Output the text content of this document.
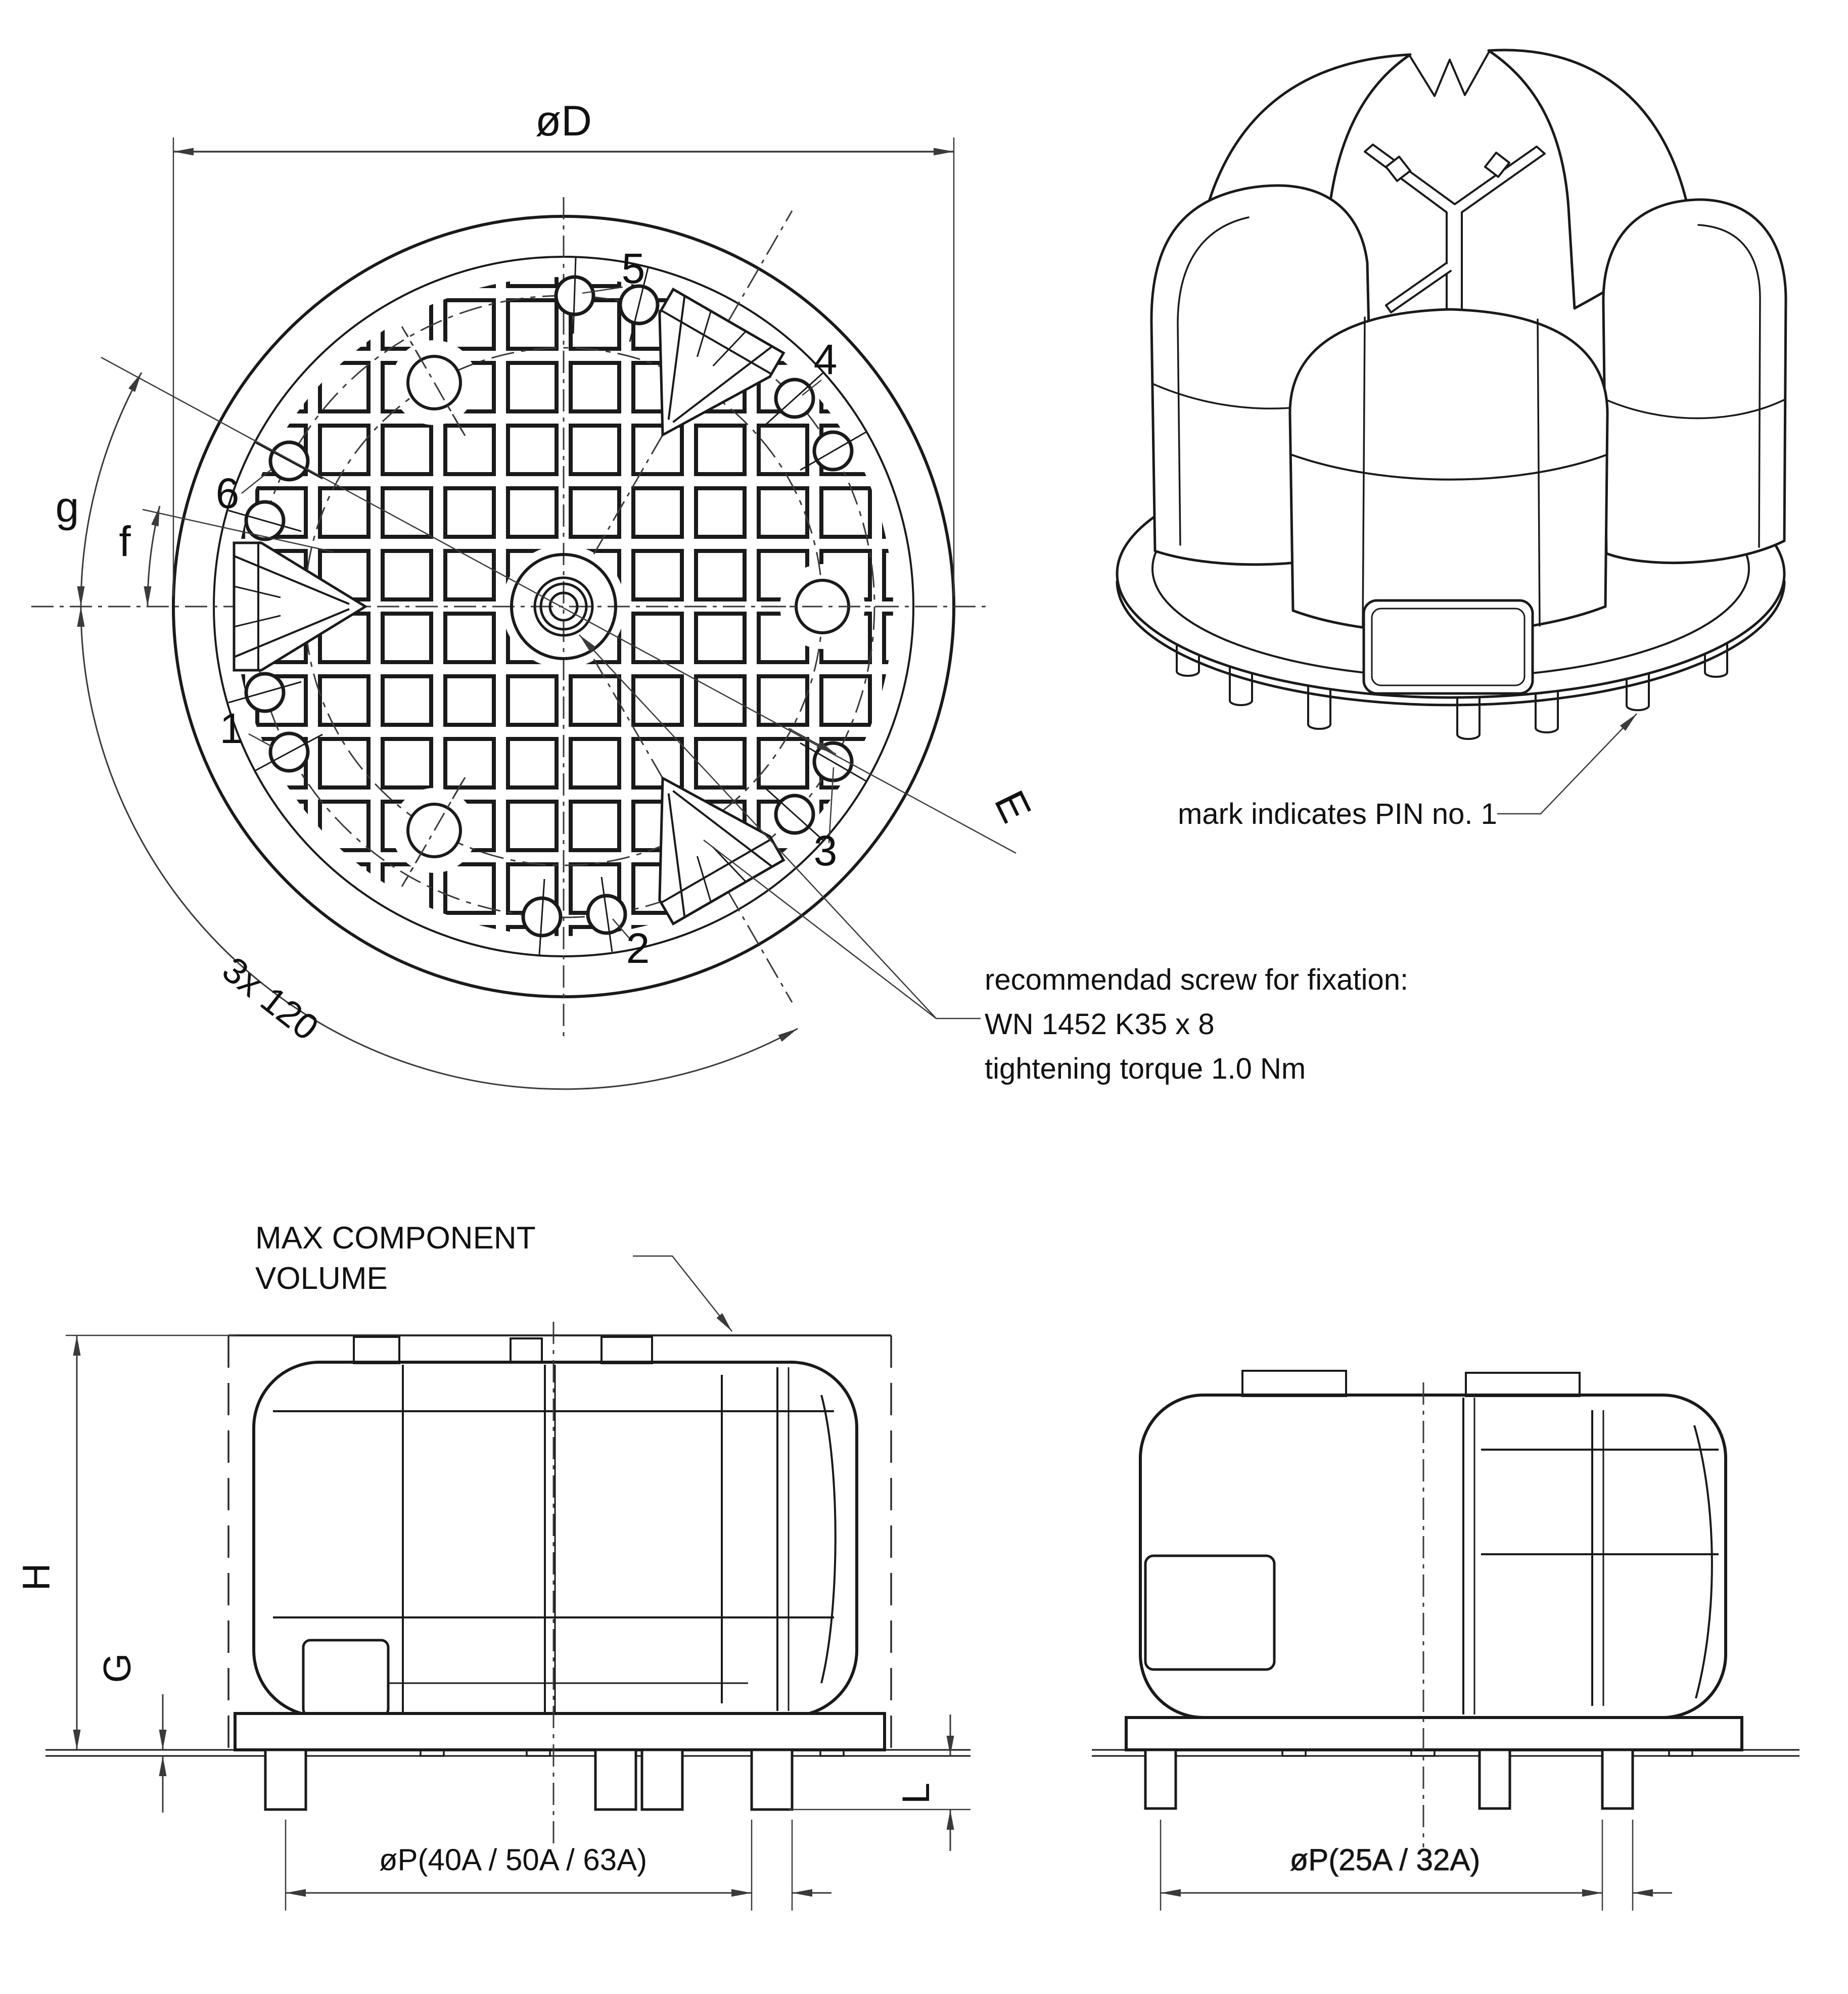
øD
5
4
6
1
2
3
g
f
3x 120
E
recommendad screw for fixation:
WN 1452 K35 x 8
tightening torque 1.0 Nm
mark indicates PIN no. 1
H
G
L
øP(40A / 50A / 63A)
MAX COMPONENT
VOLUME
øP(25A / 32A)
